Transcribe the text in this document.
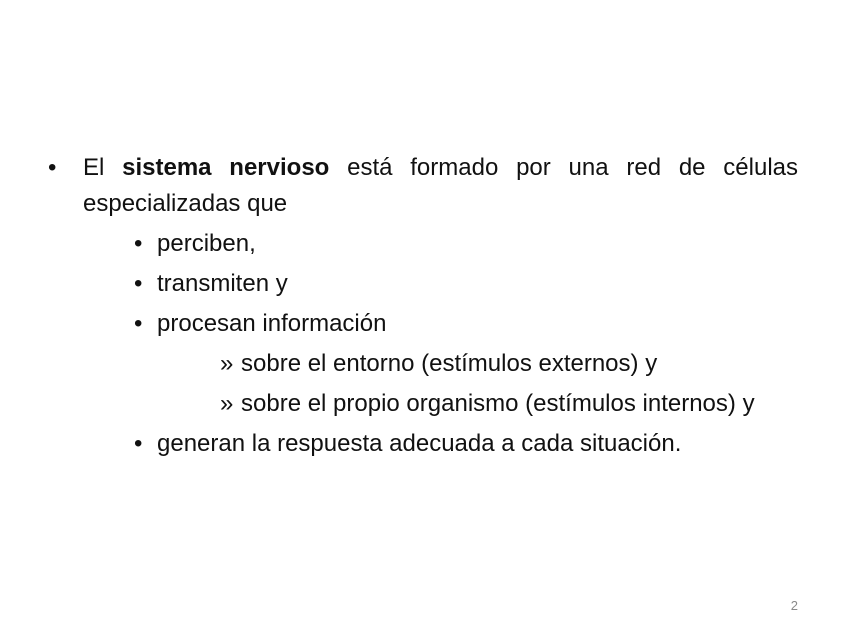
• El sistema nervioso está formado por una red de células especializadas que

• perciben,
• transmiten y
• procesan información
» sobre el entorno (estímulos externos) y
» sobre el propio organismo (estímulos internos) y
• generan la respuesta adecuada a cada situación.
2
